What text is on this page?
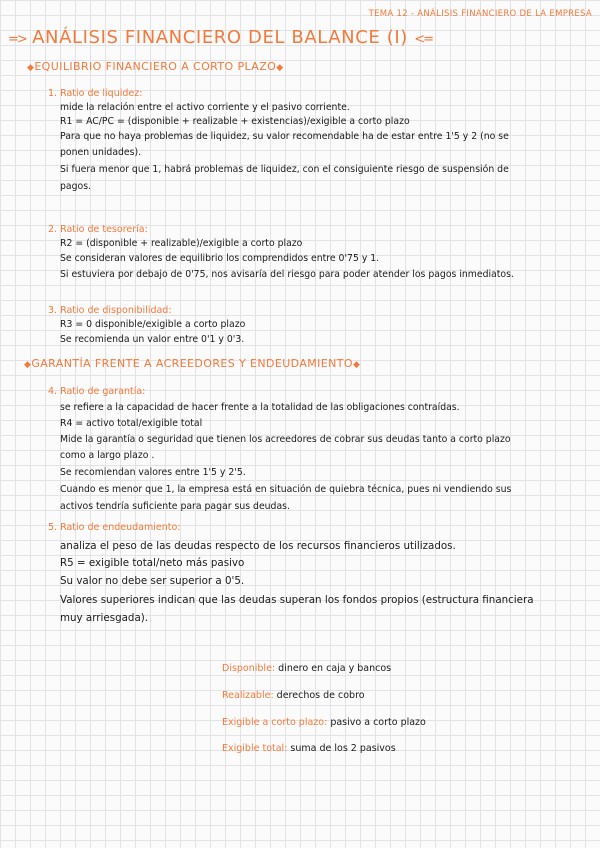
TEMA 12 - ANÁLISIS FINANCIERO DE LA EMPRESA
=> ANÁLISIS FINANCIERO DEL BALANCE (I) <=
◆EQUILIBRIO FINANCIERO A CORTO PLAZO◆
1. Ratio de liquidez:
mide la relación entre el activo corriente y el pasivo corriente.
R1 = AC/PC = (disponible + realizable + existencias)/exigible a corto plazo
Para que no haya problemas de liquidez, su valor recomendable ha de estar entre 1'5 y 2 (no se
ponen unidades).
Si fuera menor que 1, habrá problemas de liquidez, con el consiguiente riesgo de suspensión de
pagos.
2. Ratio de tesorería:
R2 = (disponible + realizable)/exigible a corto plazo
Se consideran valores de equilibrio los comprendidos entre 0'75 y 1.
Si estuviera por debajo de 0'75, nos avisaría del riesgo para poder atender los pagos inmediatos.
3. Ratio de disponibilidad:
R3 = 0 disponible/exigible a corto plazo
Se recomienda un valor entre 0'1 y 0'3.
◆GARANTÍA FRENTE A ACREEDORES Y ENDEUDAMIENTO◆
4. Ratio de garantía:
se refiere a la capacidad de hacer frente a la totalidad de las obligaciones contraídas.
R4 = activo total/exigible total
Mide la garantía o seguridad que tienen los acreedores de cobrar sus deudas tanto a corto plazo
como a largo plazo .
Se recomiendan valores entre 1'5 y 2'5.
Cuando es menor que 1, la empresa está en situación de quiebra técnica, pues ni vendiendo sus
activos tendría suficiente para pagar sus deudas.
5. Ratio de endeudamiento:
analiza el peso de las deudas respecto de los recursos financieros utilizados.
R5 = exigible total/neto más pasivo
Su valor no debe ser superior a 0'5.
Valores superiores indican que las deudas superan los fondos propios (estructura financiera
muy arriesgada).
Disponible: dinero en caja y bancos
Realizable: derechos de cobro
Exigible a corto plazo: pasivo a corto plazo
Exigible total: suma de los 2 pasivos
